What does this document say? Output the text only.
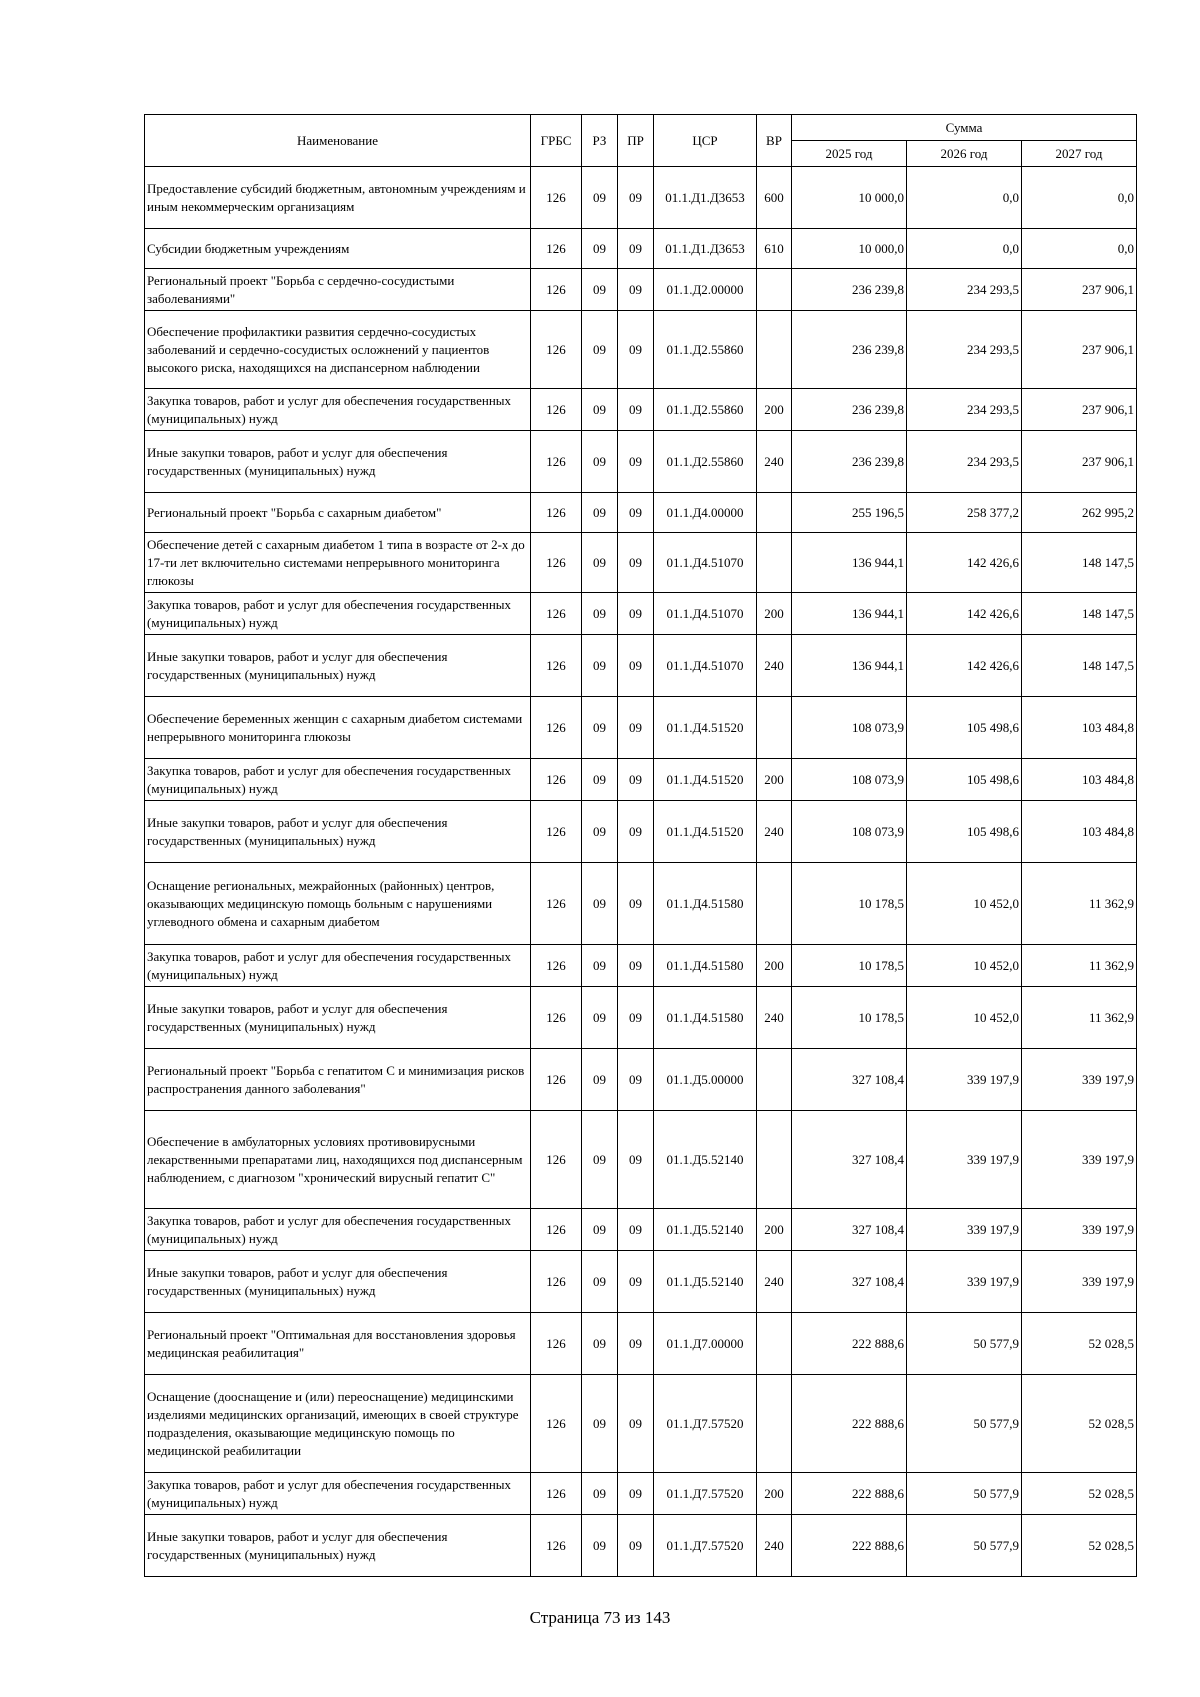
Наименование	ГРБС	РЗ	ПР	ЦСР	ВР	Сумма		
						2025 год	2026 год	2027 год
Предоставление субсидий бюджетным, автономным учреждениям и иным некоммерческим организациям	126	09	09	01.1.Д1.Д3653	600	10 000,0	0,0	0,0
Субсидии бюджетным учреждениям	126	09	09	01.1.Д1.Д3653	610	10 000,0	0,0	0,0
Региональный проект "Борьба с сердечно-сосудистыми заболеваниями"	126	09	09	01.1.Д2.00000		236 239,8	234 293,5	237 906,1
Обеспечение профилактики развития сердечно-сосудистых заболеваний и сердечно-сосудистых осложнений у пациентов высокого риска, находящихся на диспансерном наблюдении	126	09	09	01.1.Д2.55860		236 239,8	234 293,5	237 906,1
Закупка товаров, работ и услуг для обеспечения государственных (муниципальных) нужд	126	09	09	01.1.Д2.55860	200	236 239,8	234 293,5	237 906,1
Иные закупки товаров, работ и услуг для обеспечения государственных (муниципальных) нужд	126	09	09	01.1.Д2.55860	240	236 239,8	234 293,5	237 906,1
Региональный проект "Борьба с сахарным диабетом"	126	09	09	01.1.Д4.00000		255 196,5	258 377,2	262 995,2
Обеспечение детей с сахарным диабетом 1 типа в возрасте от 2-х до 17-ти лет включительно системами непрерывного мониторинга глюкозы	126	09	09	01.1.Д4.51070		136 944,1	142 426,6	148 147,5
Закупка товаров, работ и услуг для обеспечения государственных (муниципальных) нужд	126	09	09	01.1.Д4.51070	200	136 944,1	142 426,6	148 147,5
Иные закупки товаров, работ и услуг для обеспечения государственных (муниципальных) нужд	126	09	09	01.1.Д4.51070	240	136 944,1	142 426,6	148 147,5
Обеспечение беременных женщин с сахарным диабетом системами непрерывного мониторинга глюкозы	126	09	09	01.1.Д4.51520		108 073,9	105 498,6	103 484,8
Закупка товаров, работ и услуг для обеспечения государственных (муниципальных) нужд	126	09	09	01.1.Д4.51520	200	108 073,9	105 498,6	103 484,8
Иные закупки товаров, работ и услуг для обеспечения государственных (муниципальных) нужд	126	09	09	01.1.Д4.51520	240	108 073,9	105 498,6	103 484,8
Оснащение региональных, межрайонных (районных) центров, оказывающих медицинскую помощь больным с нарушениями углеводного обмена и сахарным диабетом	126	09	09	01.1.Д4.51580		10 178,5	10 452,0	11 362,9
Закупка товаров, работ и услуг для обеспечения государственных (муниципальных) нужд	126	09	09	01.1.Д4.51580	200	10 178,5	10 452,0	11 362,9
Иные закупки товаров, работ и услуг для обеспечения государственных (муниципальных) нужд	126	09	09	01.1.Д4.51580	240	10 178,5	10 452,0	11 362,9
Региональный проект "Борьба с гепатитом С и минимизация рисков распространения данного заболевания"	126	09	09	01.1.Д5.00000		327 108,4	339 197,9	339 197,9
Обеспечение в амбулаторных условиях противовирусными лекарственными препаратами лиц, находящихся под диспансерным наблюдением, с диагнозом "хронический вирусный гепатит С"	126	09	09	01.1.Д5.52140		327 108,4	339 197,9	339 197,9
Закупка товаров, работ и услуг для обеспечения государственных (муниципальных) нужд	126	09	09	01.1.Д5.52140	200	327 108,4	339 197,9	339 197,9
Иные закупки товаров, работ и услуг для обеспечения государственных (муниципальных) нужд	126	09	09	01.1.Д5.52140	240	327 108,4	339 197,9	339 197,9
Региональный проект "Оптимальная для восстановления здоровья медицинская реабилитация"	126	09	09	01.1.Д7.00000		222 888,6	50 577,9	52 028,5
Оснащение (дооснащение и (или) переоснащение) медицинскими изделиями медицинских организаций, имеющих в своей структуре подразделения, оказывающие медицинскую помощь по медицинской реабилитации	126	09	09	01.1.Д7.57520		222 888,6	50 577,9	52 028,5
Закупка товаров, работ и услуг для обеспечения государственных (муниципальных) нужд	126	09	09	01.1.Д7.57520	200	222 888,6	50 577,9	52 028,5
Иные закупки товаров, работ и услуг для обеспечения государственных (муниципальных) нужд	126	09	09	01.1.Д7.57520	240	222 888,6	50 577,9	52 028,5
Страница 73 из 143
